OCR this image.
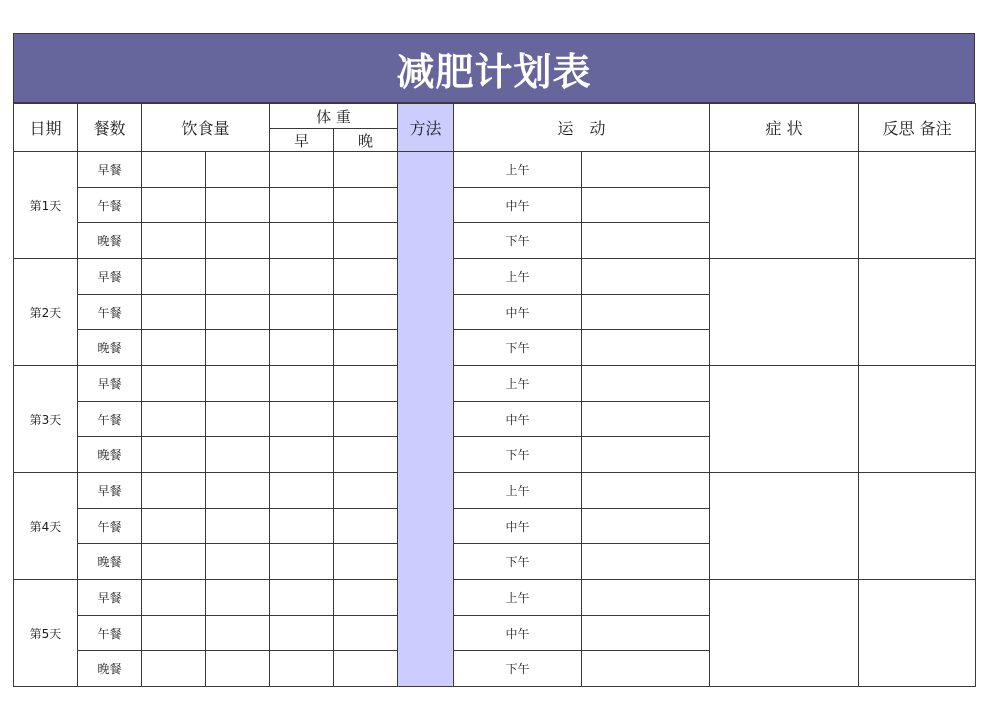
减肥计划表
日期	餐数	饮食量		体 重		方法	运　动		症 状	反思 备注
				早	晚					
第1天	早餐						上午			
	午餐						中午			
	晚餐						下午			
第2天	早餐						上午			
	午餐						中午			
	晚餐						下午			
第3天	早餐						上午			
	午餐						中午			
	晚餐						下午			
第4天	早餐						上午			
	午餐						中午			
	晚餐						下午			
第5天	早餐						上午			
	午餐						中午			
	晚餐						下午			
